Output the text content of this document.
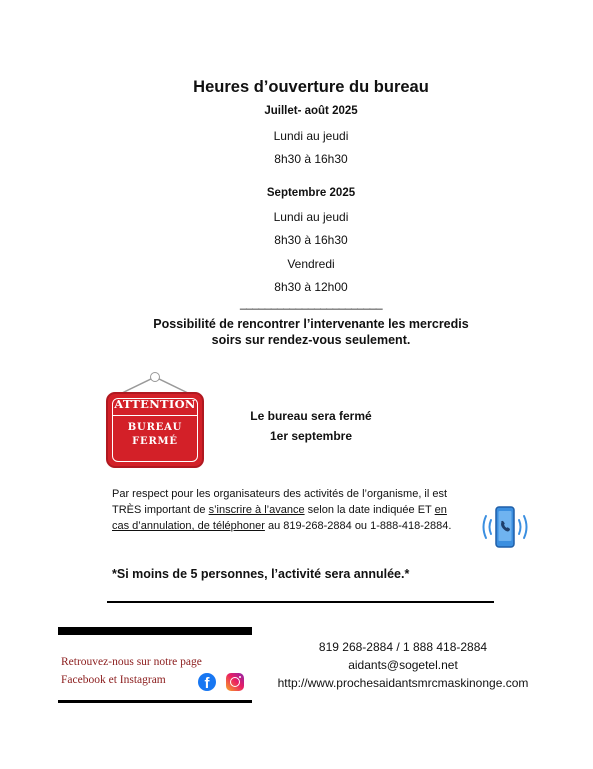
Heures d’ouverture du bureau
Juillet- août 2025
Lundi au jeudi
8h30 à 16h30
Septembre 2025
Lundi au jeudi
8h30 à 16h30
Vendredi
8h30 à 12h00
_______________________
Possibilité de rencontrer l’intervenante les mercredis
soirs sur rendez-vous seulement.
ATTENTION
BUREAU
FERMÉ
Le bureau sera fermé
1er septembre
Par respect pour les organisateurs des activités de l’organisme, il est TRÈS important de s’inscrire à l’avance selon la date indiquée ET en cas d’annulation, de téléphoner au 819-268-2884 ou 1-888-418-2884.
*Si moins de 5 personnes, l’activité sera annulée.*
Retrouvez-nous sur notre page
Facebook et Instagram	f
819 268-2884 / 1 888 418-2884
aidants@sogetel.net
http://www.prochesaidantsmrcmaskinonge.com
